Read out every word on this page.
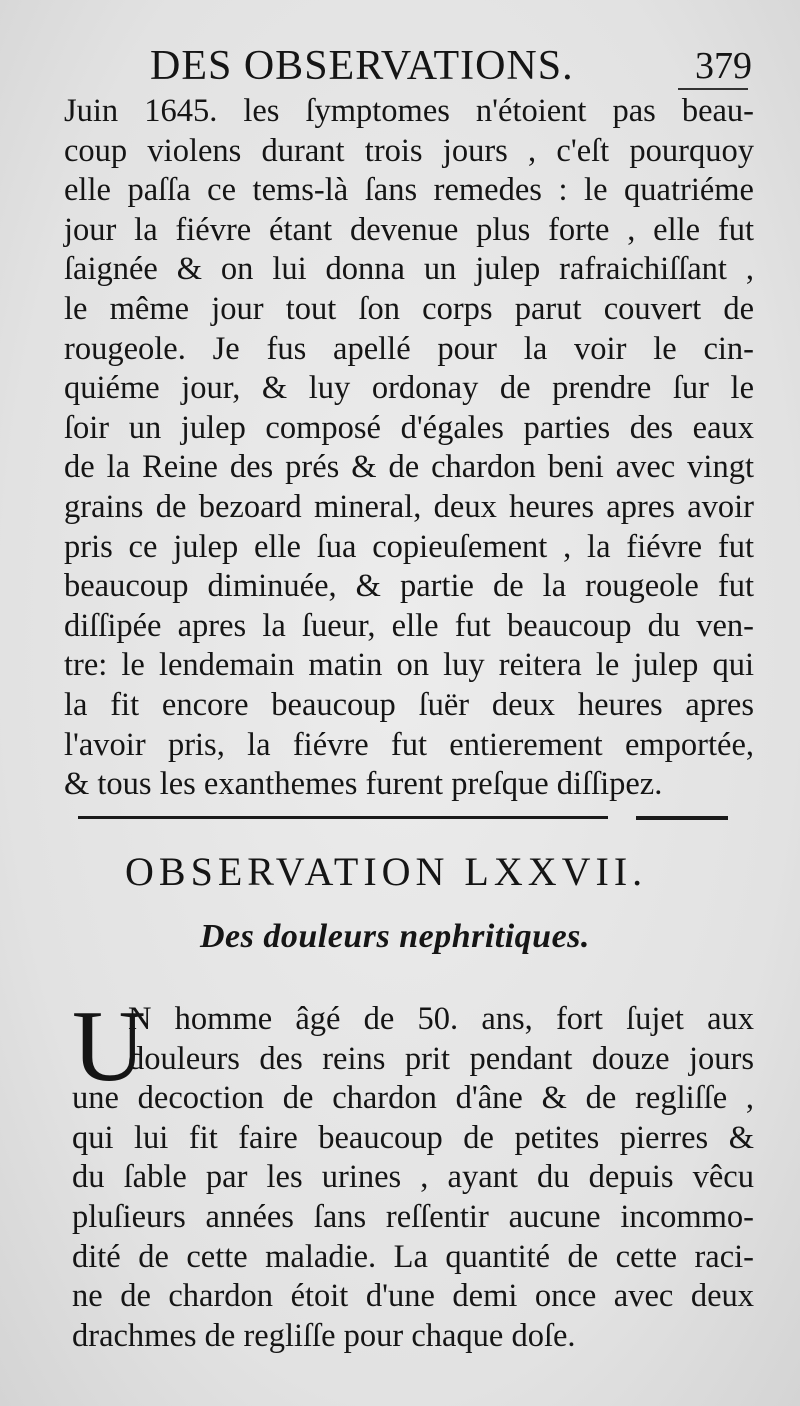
DES OBSERVATIONS.	379
Juin 1645. les ſymptomes n'étoient pas beau-
coup violens durant trois jours , c'eſt pourquoy
elle paſſa ce tems-là ſans remedes : le quatriéme
jour la fiévre étant devenue plus forte , elle fut
ſaignée & on lui donna un julep rafraichiſſant ,
le même jour tout ſon corps parut couvert de
rougeole. Je fus apellé pour la voir le cin-
quiéme jour, & luy ordonay de prendre ſur le
ſoir un julep composé d'égales parties des eaux
de la Reine des prés & de chardon beni avec vingt
grains de bezoard mineral, deux heures apres avoir
pris ce julep elle ſua copieuſement , la fiévre fut
beaucoup diminuée, & partie de la rougeole fut
diſſipée apres la ſueur, elle fut beaucoup du ven-
tre: le lendemain matin on luy reitera le julep qui
la fit encore beaucoup ſuër deux heures apres
l'avoir pris, la fiévre fut entierement emportée,
& tous les exanthemes furent preſque diſſipez.
OBSERVATION LXXVII.
Des douleurs nephritiques.
U
N homme âgé de 50. ans, fort ſujet aux
douleurs des reins prit pendant douze jours
une decoction de chardon d'âne & de regliſſe ,
qui lui fit faire beaucoup de petites pierres &
du ſable par les urines , ayant du depuis vêcu
pluſieurs années ſans reſſentir aucune incommo-
dité de cette maladie. La quantité de cette raci-
ne de chardon étoit d'une demi once avec deux
drachmes de regliſſe pour chaque doſe.
